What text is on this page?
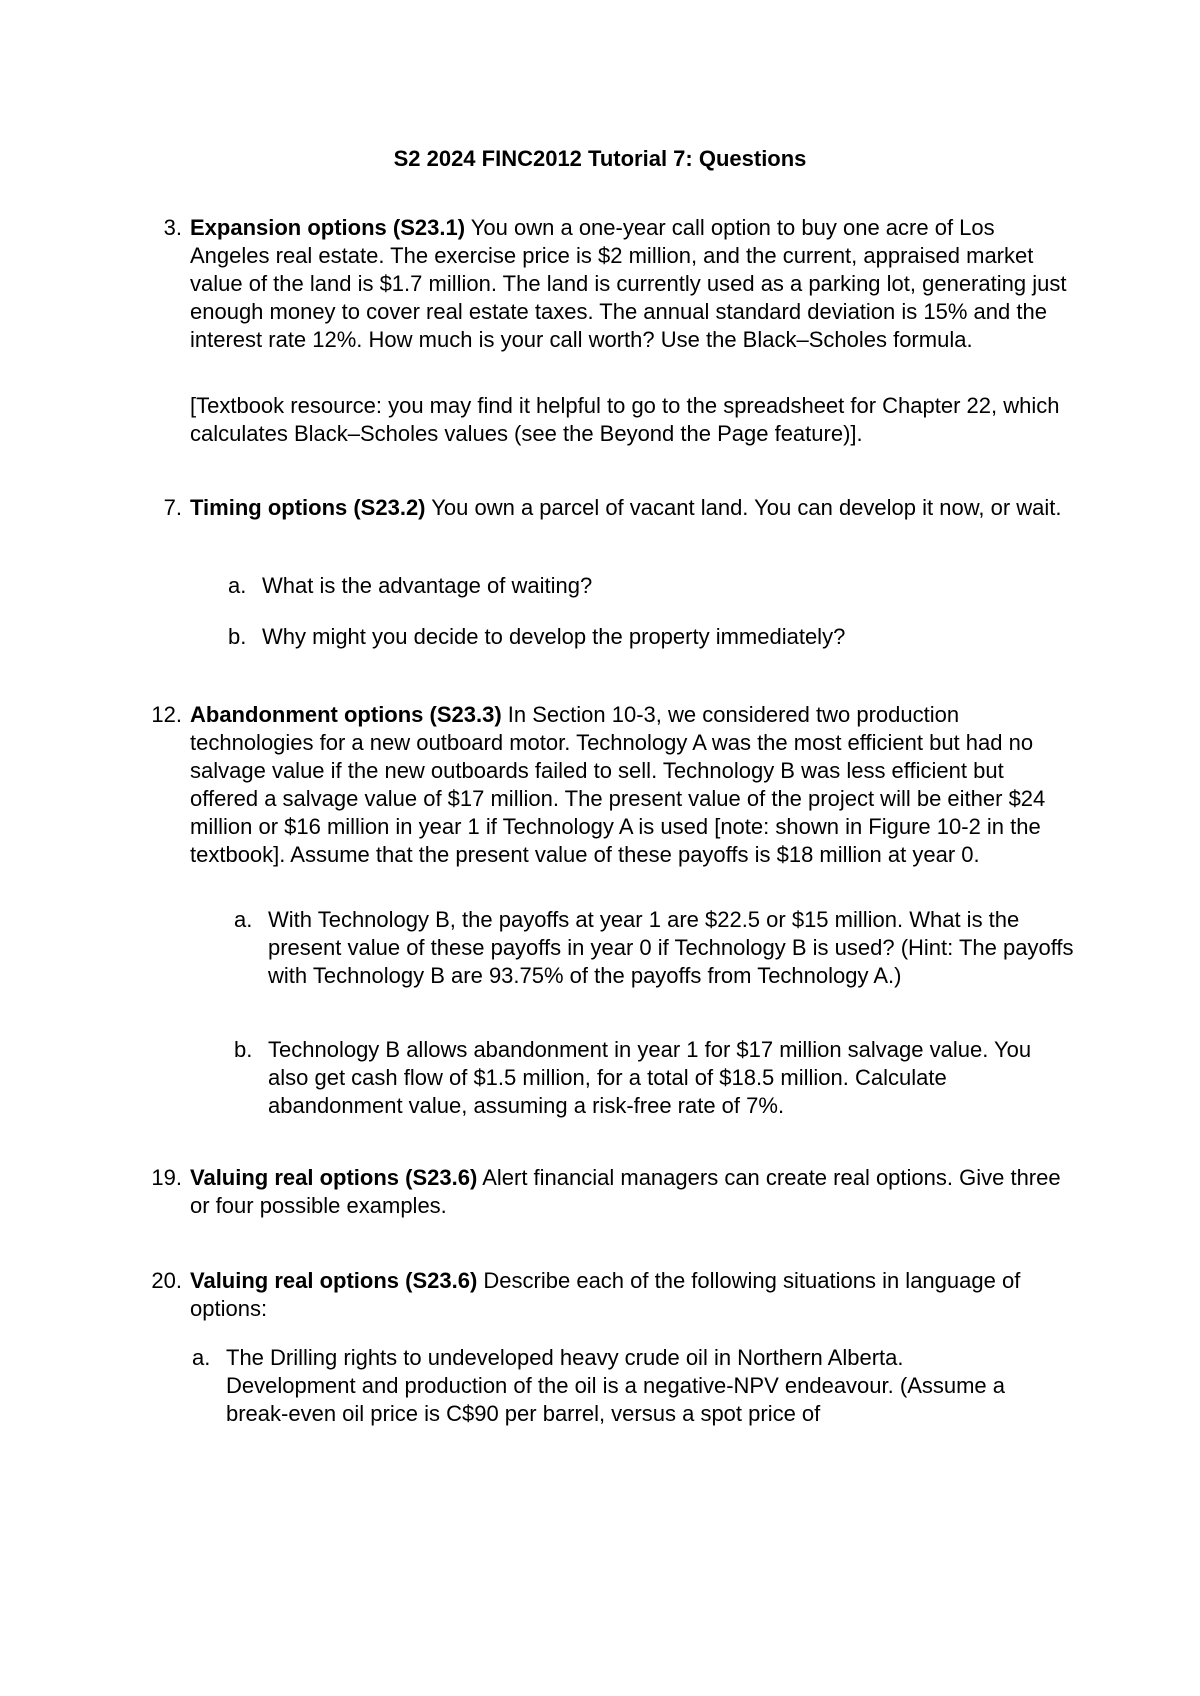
S2 2024 FINC2012 Tutorial 7: Questions
3. Expansion options (S23.1) You own a one-year call option to buy one acre of Los Angeles real estate. The exercise price is $2 million, and the current, appraised market value of the land is $1.7 million. The land is currently used as a parking lot, generating just enough money to cover real estate taxes. The annual standard deviation is 15% and the interest rate 12%. How much is your call worth? Use the Black–Scholes formula.

[Textbook resource: you may find it helpful to go to the spreadsheet for Chapter 22, which calculates Black–Scholes values (see the Beyond the Page feature)].

7. Timing options (S23.2) You own a parcel of vacant land. You can develop it now, or wait.

a. What is the advantage of waiting?

b. Why might you decide to develop the property immediately?

12. Abandonment options (S23.3) In Section 10-3, we considered two production technologies for a new outboard motor. Technology A was the most efficient but had no salvage value if the new outboards failed to sell. Technology B was less efficient but offered a salvage value of $17 million. The present value of the project will be either $24 million or $16 million in year 1 if Technology A is used [note: shown in Figure 10-2 in the textbook]. Assume that the present value of these payoffs is $18 million at year 0.

a. With Technology B, the payoffs at year 1 are $22.5 or $15 million. What is the present value of these payoffs in year 0 if Technology B is used? (Hint: The payoffs with Technology B are 93.75% of the payoffs from Technology A.)

b. Technology B allows abandonment in year 1 for $17 million salvage value. You also get cash flow of $1.5 million, for a total of $18.5 million. Calculate abandonment value, assuming a risk-free rate of 7%.

19. Valuing real options (S23.6) Alert financial managers can create real options. Give three or four possible examples.

20. Valuing real options (S23.6) Describe each of the following situations in language of options:

a. The Drilling rights to undeveloped heavy crude oil in Northern Alberta. Development and production of the oil is a negative-NPV endeavour. (Assume a break-even oil price is C$90 per barrel, versus a spot price of
